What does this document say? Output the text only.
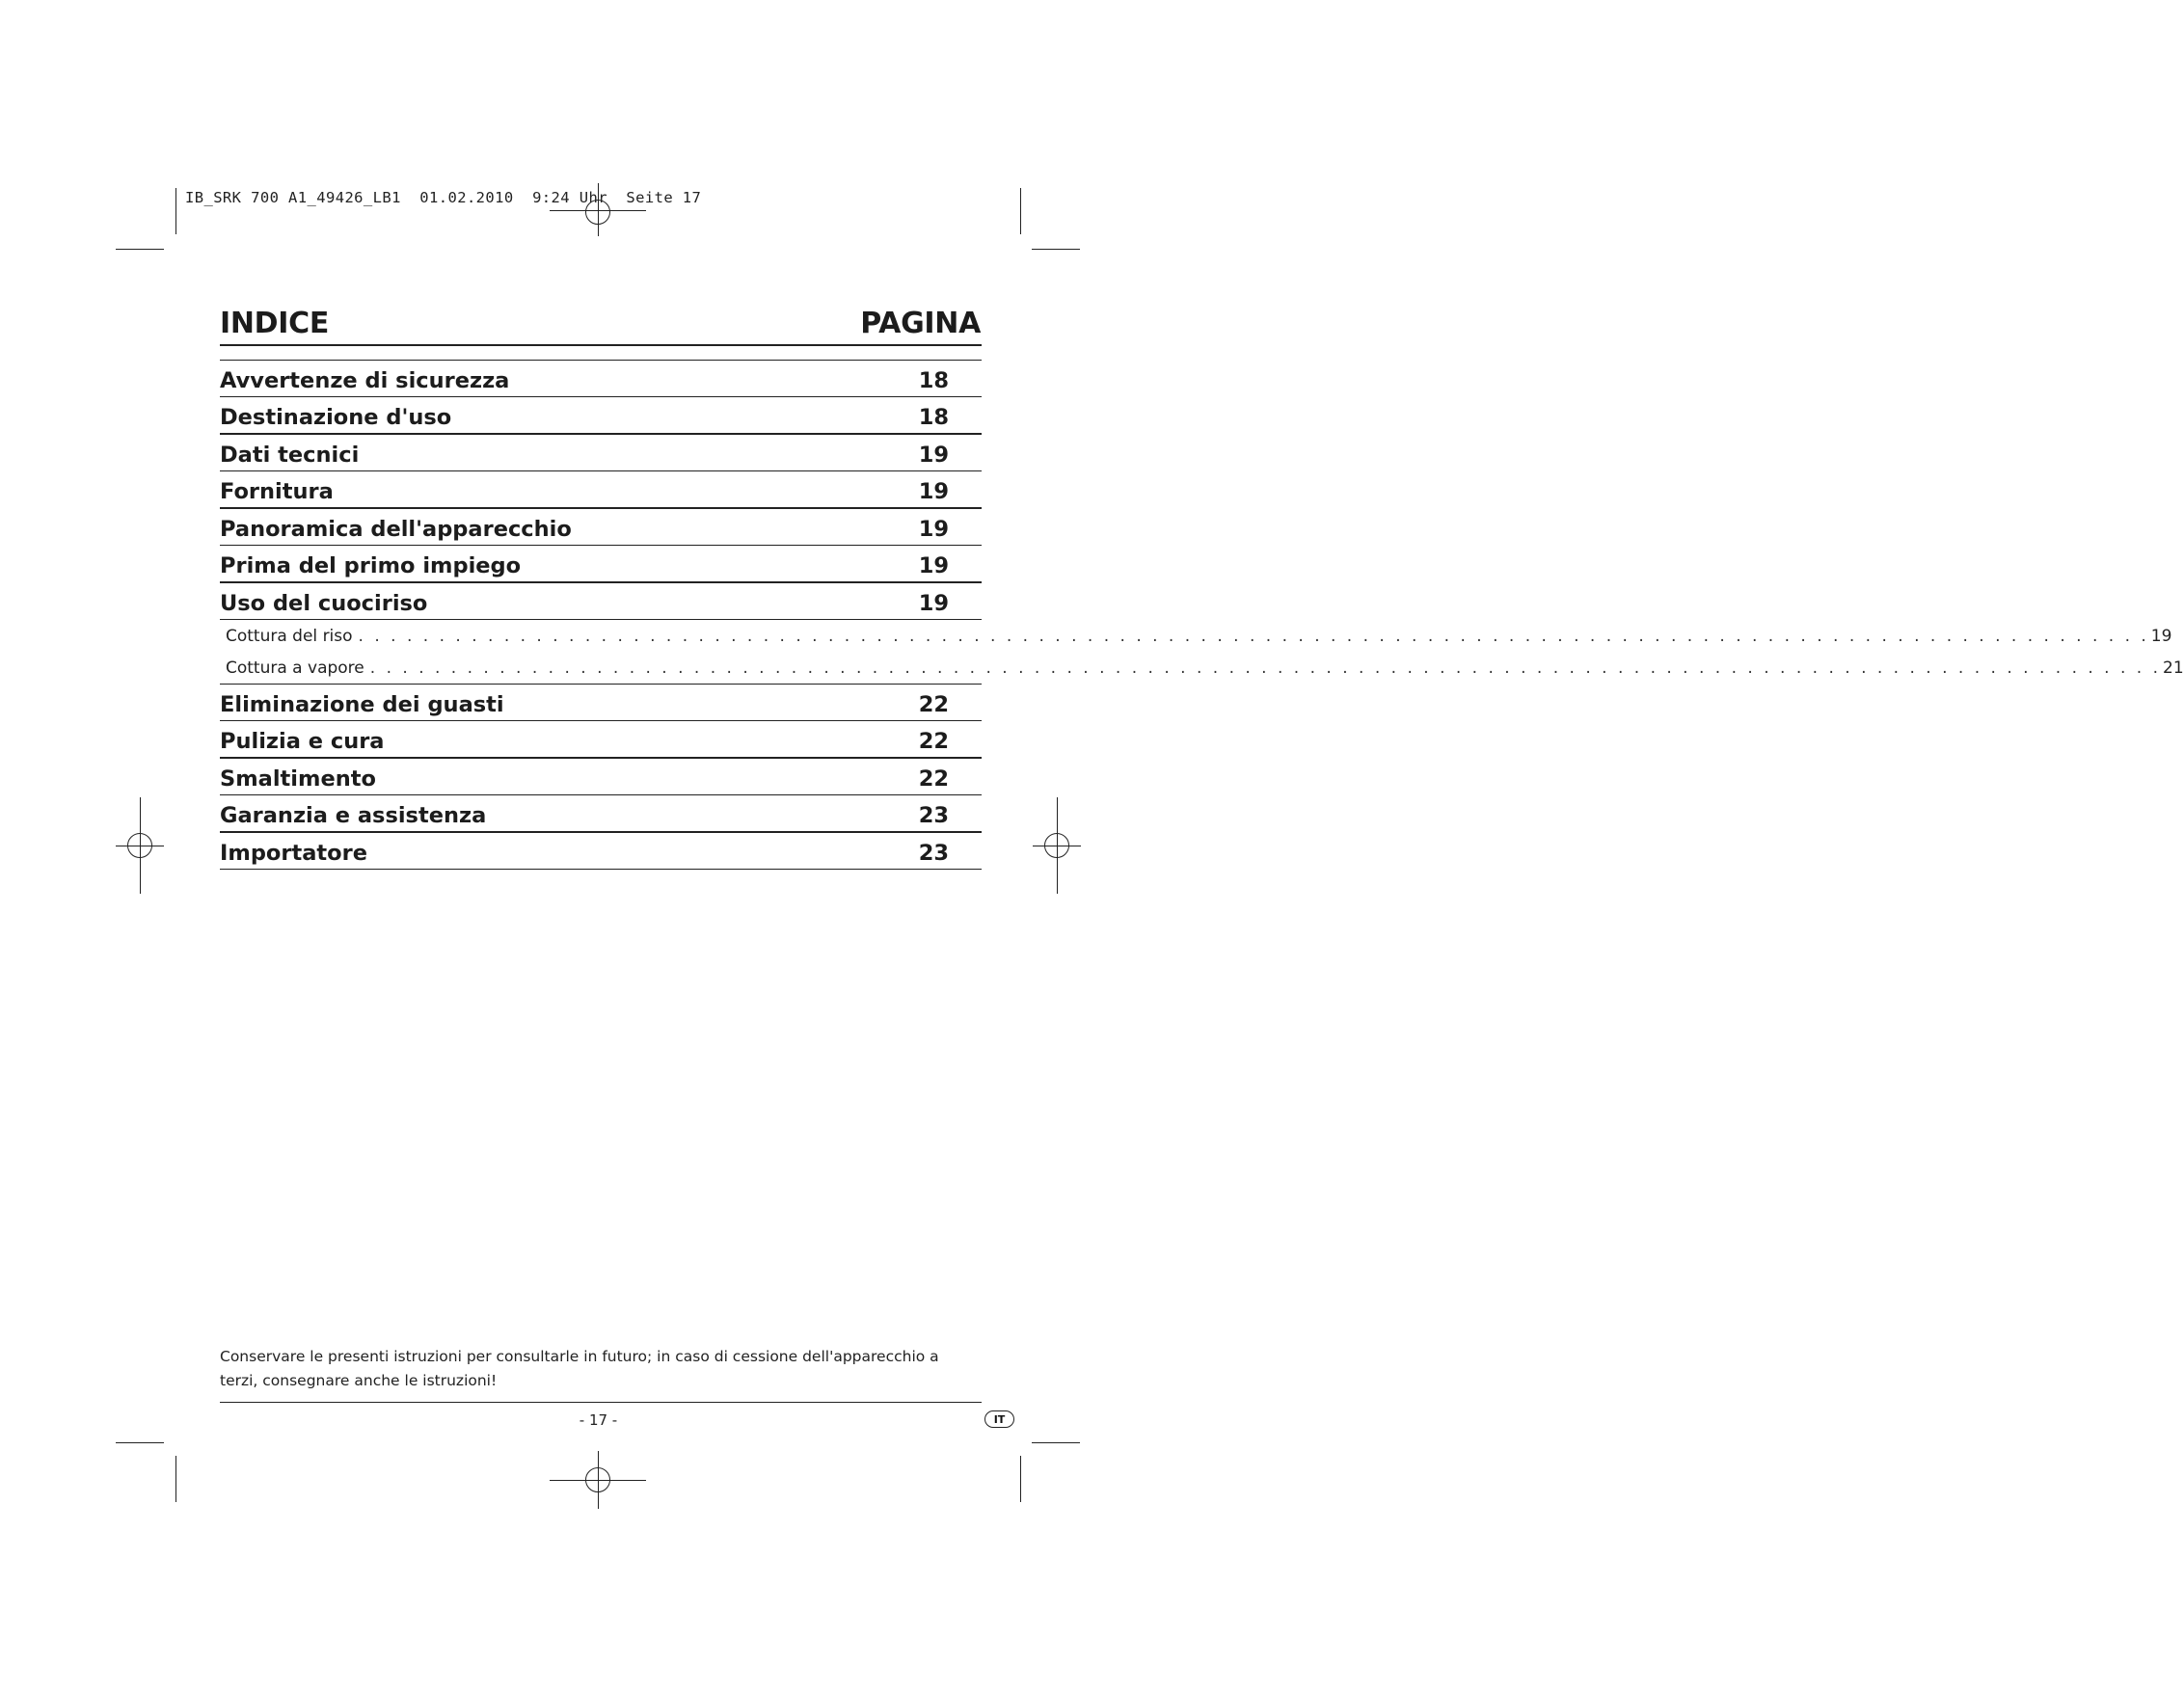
IB_SRK 700 A1_49426_LB1  01.02.2010  9:24 Uhr  Seite 17
INDICE	PAGINA
Avvertenze di sicurezza	18
Destinazione d'uso	18
Dati tecnici	19
Fornitura	19
Panoramica dell'apparecchio	19
Prima del primo impiego	19
Uso del cuociriso	19
Cottura del riso . . . . . . . . . . . . . . . . . . . . . . . . . . . . . . . . . . . . . . . . . . . . . . . . . . . . . . . . . . . . . . . . . . . . . . . . . . . . . . . . . . . . . . . . . . . . . . . . . . . . . . . . . . . . . . . 19
Cottura a vapore . . . . . . . . . . . . . . . . . . . . . . . . . . . . . . . . . . . . . . . . . . . . . . . . . . . . . . . . . . . . . . . . . . . . . . . . . . . . . . . . . . . . . . . . . . . . . . . . . . . . . . . . . . . . . . . 21
Eliminazione dei guasti	22
Pulizia e cura	22
Smaltimento	22
Garanzia e assistenza	23
Importatore	23
Conservare le presenti istruzioni per consultarle in futuro; in caso di cessione dell'apparecchio a terzi, consegnare anche le istruzioni!
- 17 -	IT
